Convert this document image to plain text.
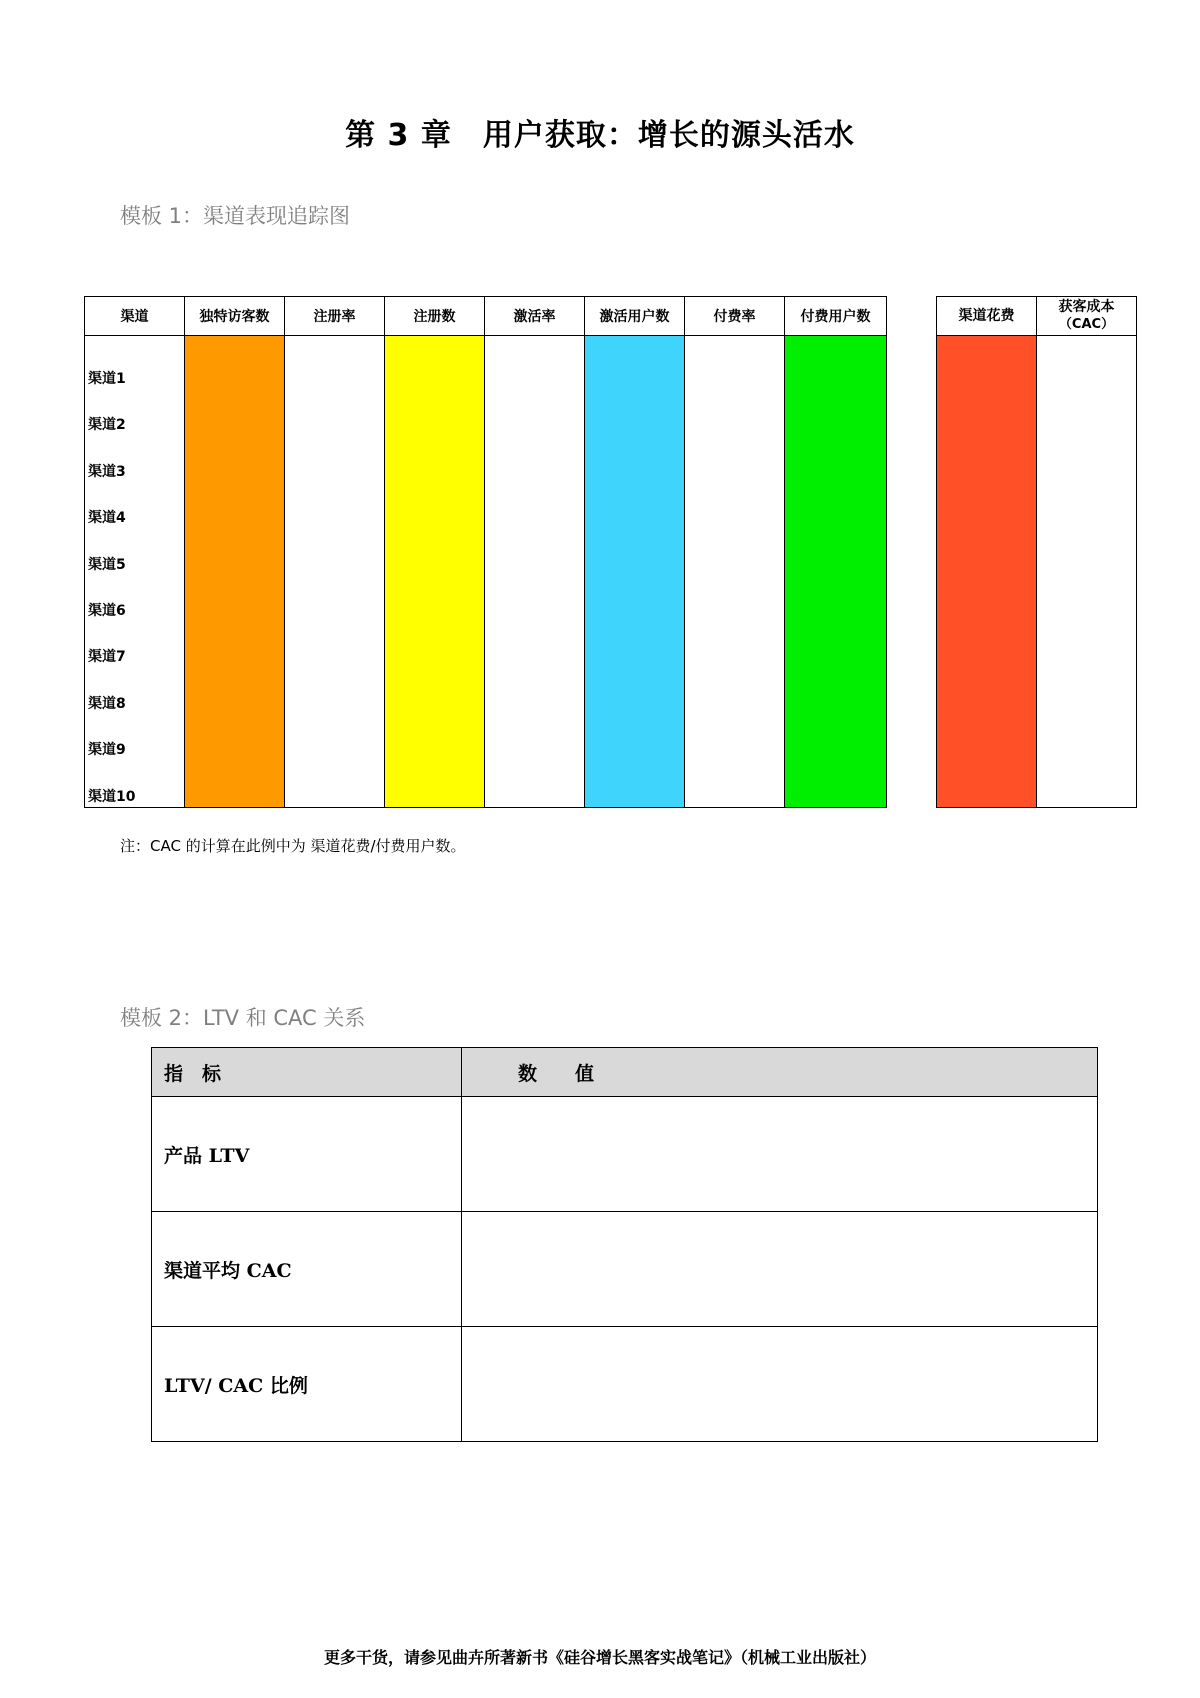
第 3 章　用户获取：增长的源头活水
模板 1：渠道表现追踪图
渠道	独特访客数	注册率	注册数	激活率	激活用户数	付费率	付费用户数
渠道1							
渠道2							
渠道3							
渠道4							
渠道5							
渠道6							
渠道7							
渠道8							
渠道9							
渠道10							
渠道花费	获客成本
（CAC）

注：CAC 的计算在此例中为 渠道花费/付费用户数。
模板 2：LTV 和 CAC 关系
指　标	数　　值
产品 LTV	
渠道平均 CAC	
LTV/ CAC 比例	
更多干货，请参见曲卉所著新书《硅谷增长黑客实战笔记》（机械工业出版社）
